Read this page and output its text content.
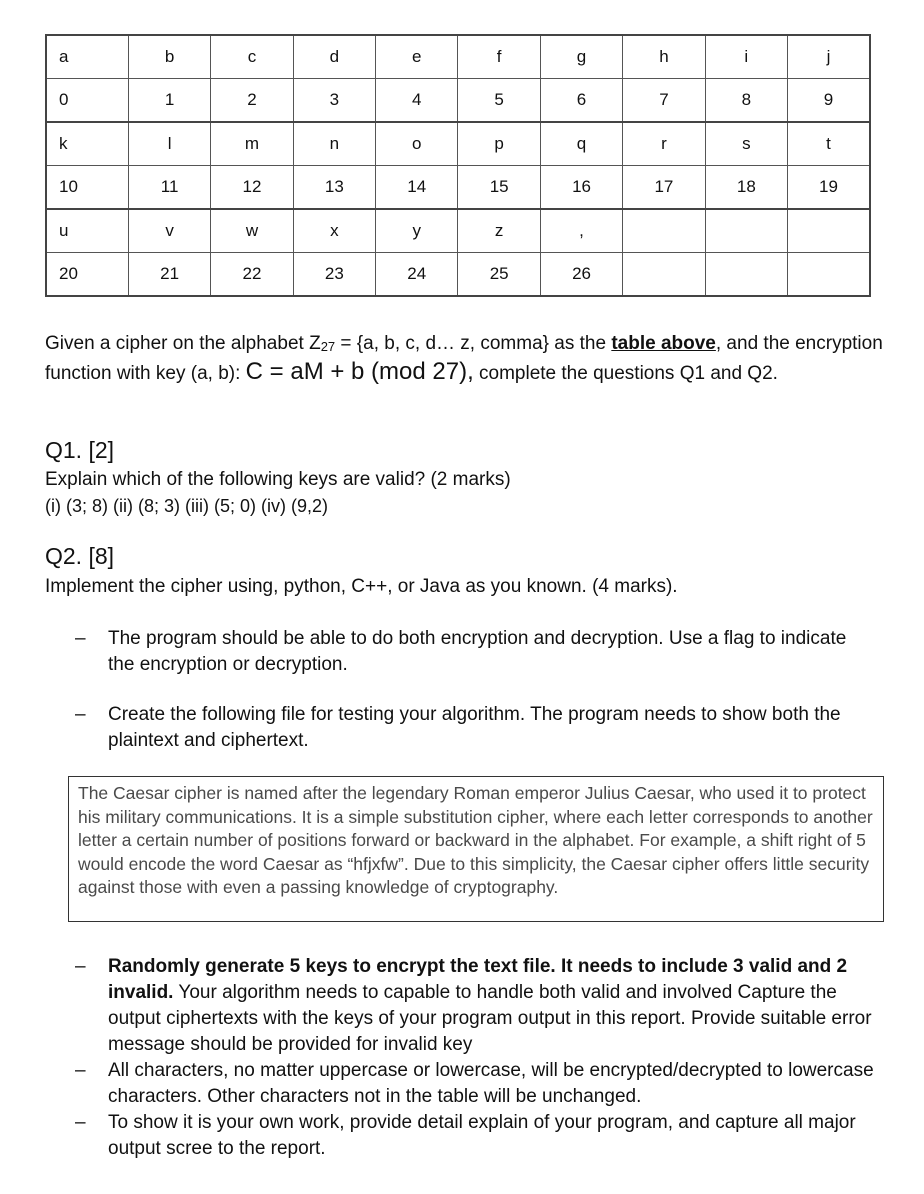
a	b	c	d	e	f	g	h	i	j
0	1	2	3	4	5	6	7	8	9
k	l	m	n	o	p	q	r	s	t
10	11	12	13	14	15	16	17	18	19
u	v	w	x	y	z	,			
20	21	22	23	24	25	26			
Given a cipher on the alphabet $Z_{27} = \{a$, b, c, d… z, comma} as the table above, and the encryption function with key (a, b): C = aM + b (mod 27), complete the questions Q1 and Q2.
Q1. [2]
Explain which of the following keys are valid? (2 marks)
(i) (3; 8) (ii) (8; 3) (iii) (5; 0) (iv) (9,2)
Q2. [8]
Implement the cipher using, python, C++, or Java as you known. (4 marks).
– The program should be able to do both encryption and decryption. Use a flag to indicate the encryption or decryption.
– Create the following file for testing your algorithm. The program needs to show both the plaintext and ciphertext.
The Caesar cipher is named after the legendary Roman emperor Julius Caesar, who used it to protect his military communications. It is a simple substitution cipher, where each letter corresponds to another letter a certain number of positions forward or backward in the alphabet. For example, a shift right of 5 would encode the word Caesar as “hfjxfw”. Due to this simplicity, the Caesar cipher offers little security against those with even a passing knowledge of cryptography.
– Randomly generate 5 keys to encrypt the text file. It needs to include 3 valid and 2 invalid. Your algorithm needs to capable to handle both valid and involved Capture the output ciphertexts with the keys of your program output in this report. Provide suitable error message should be provided for invalid key
– All characters, no matter uppercase or lowercase, will be encrypted/decrypted to lowercase characters. Other characters not in the table will be unchanged.
– To show it is your own work, provide detail explain of your program, and capture all major output scree to the report.
